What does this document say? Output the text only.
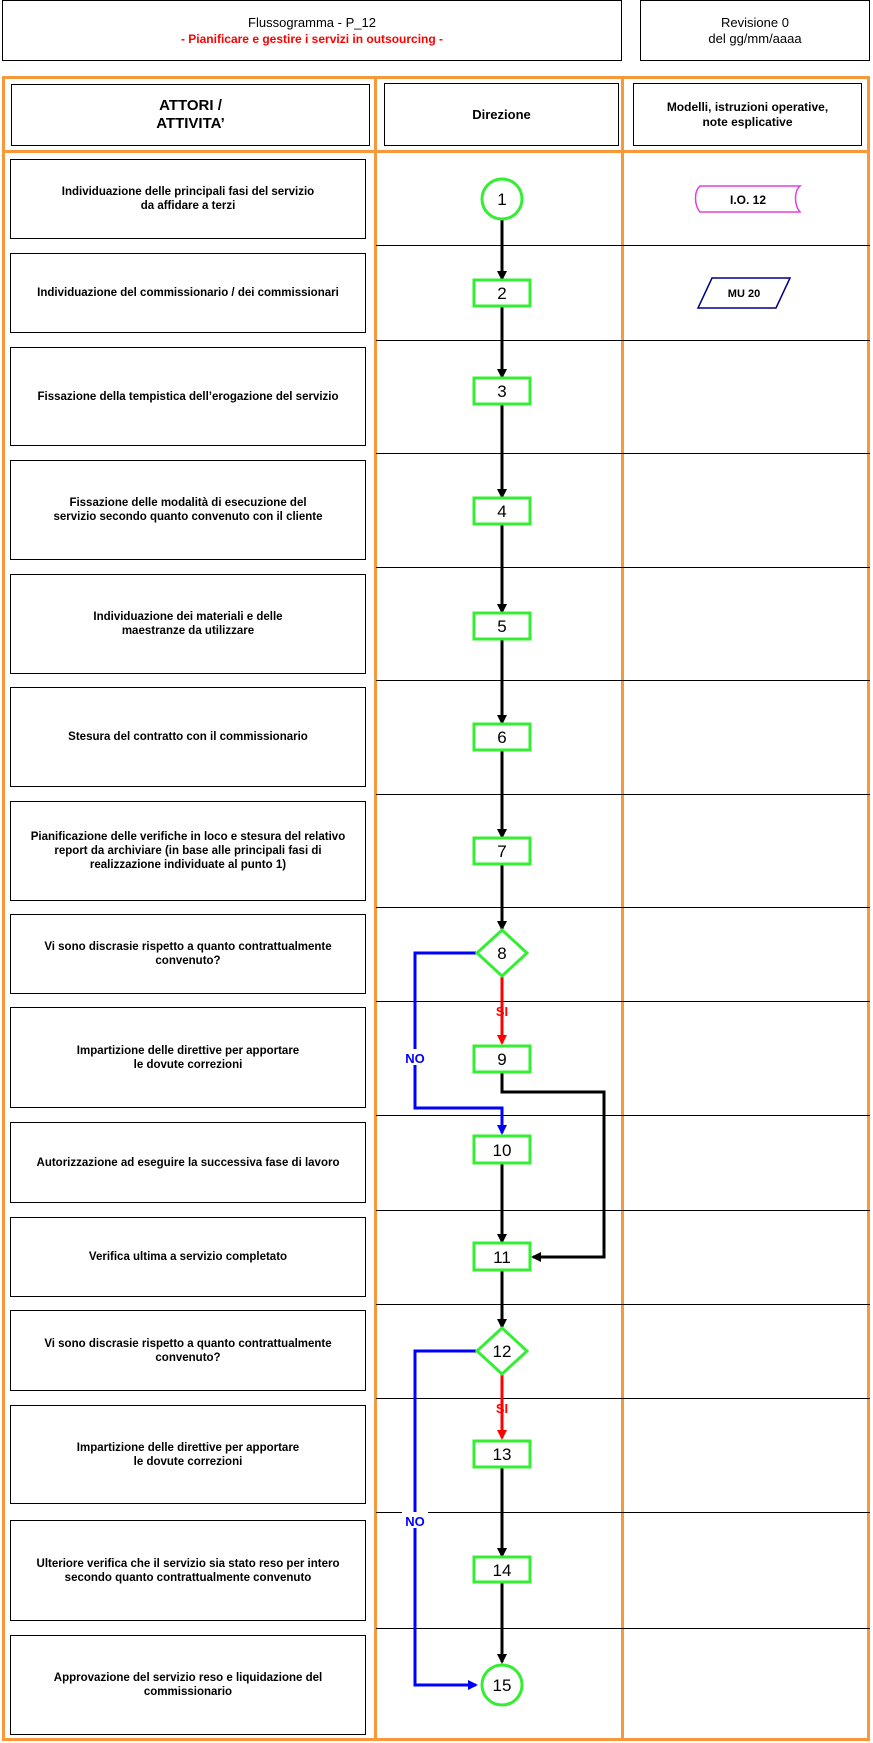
Flussogramma - P_12
- Pianificare e gestire i servizi in outsourcing -
Revisione 0
del gg/mm/aaaa
ATTORI /
ATTIVITA’
Direzione
Modelli, istruzioni operative,
note esplicative
Individuazione delle principali fasi del servizio
da affidare a terzi
Individuazione del commissionario / dei commissionari
Fissazione della tempistica dell’erogazione del servizio
Fissazione delle modalità di esecuzione del
servizio secondo quanto convenuto con il cliente
Individuazione dei materiali e delle
maestranze da utilizzare
Stesura del contratto con il commissionario
Pianificazione delle verifiche in loco e stesura del relativo
report da archiviare (in base alle principali fasi di
realizzazione individuate al punto 1)
Vi sono discrasie rispetto a quanto contrattualmente
convenuto?
Impartizione delle direttive per apportare
le dovute correzioni
Autorizzazione ad eseguire la successiva fase di lavoro
Verifica ultima a servizio completato
Vi sono discrasie rispetto a quanto contrattualmente
convenuto?
Impartizione delle direttive per apportare
le dovute correzioni
Ulteriore verifica che il servizio sia stato reso per intero
secondo quanto contrattualmente convenuto
Approvazione del servizio reso e liquidazione del
commissionario
SI
SI
NO
NO
1
2
3
4
5
6
7
8
9
10
11
12
13
14
15
I.O. 12
MU 20
